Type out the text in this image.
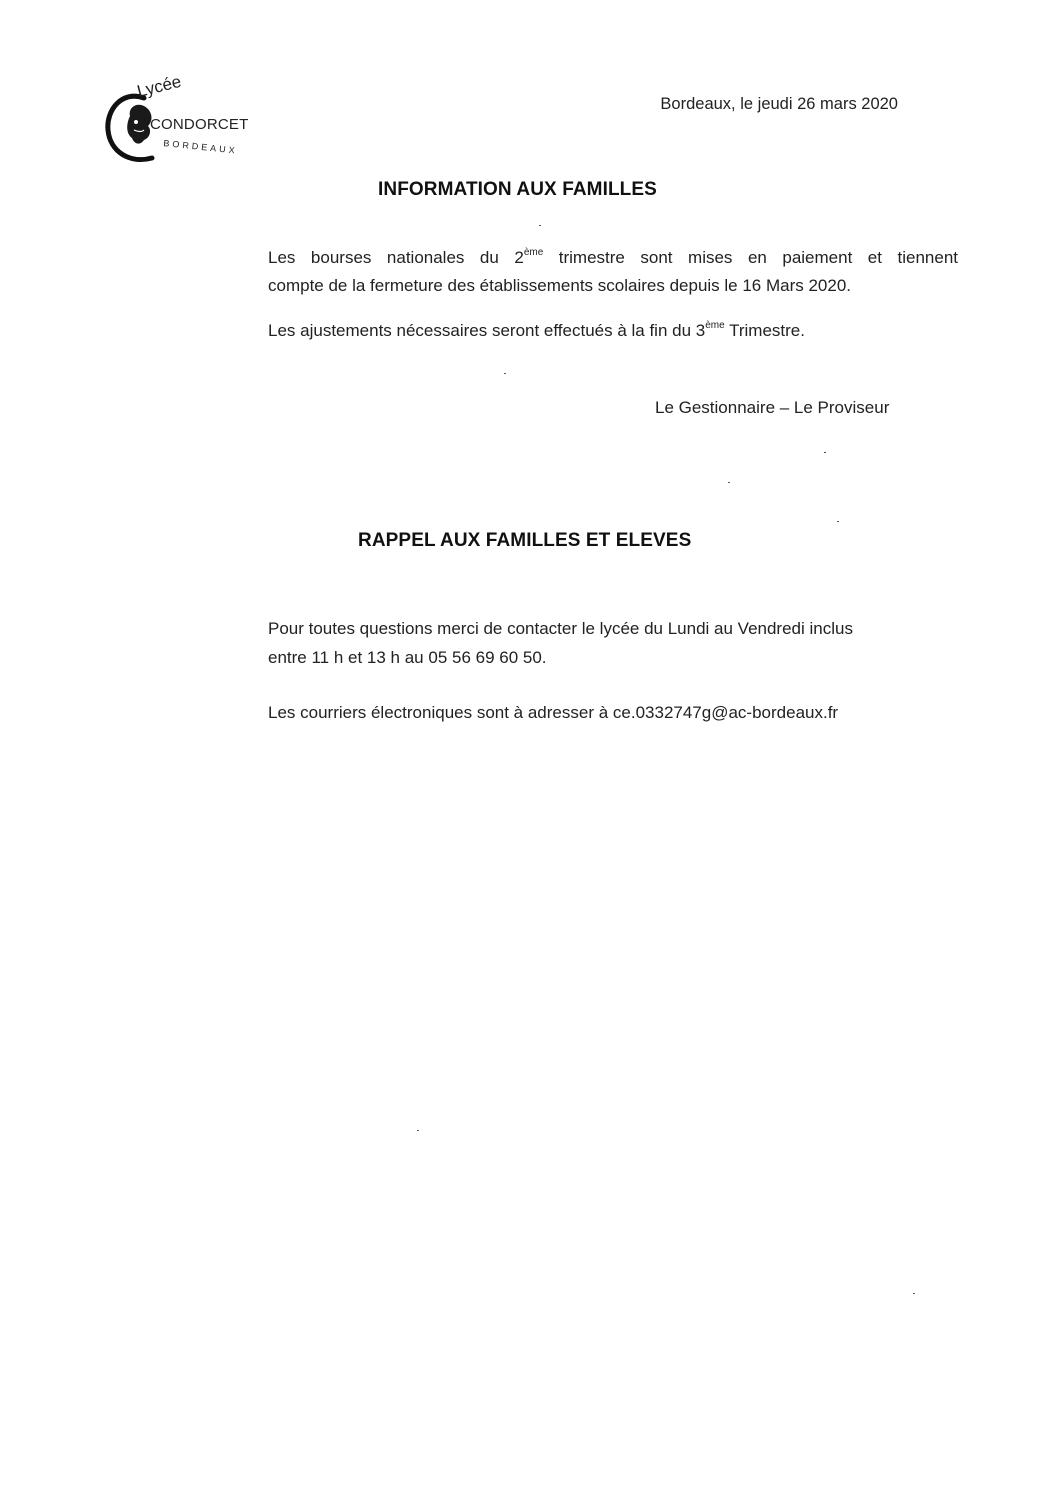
Lycée
CONDORCET
BORDEAUX
Bordeaux, le jeudi 26 mars 2020
INFORMATION AUX FAMILLES
Les bourses nationales du 2ème trimestre sont mises en paiement et tiennent
compte de la fermeture des établissements scolaires depuis le 16 Mars 2020.
Les ajustements nécessaires seront effectués à la fin du 3ème Trimestre.
Le Gestionnaire – Le Proviseur
RAPPEL AUX FAMILLES ET ELEVES
Pour toutes questions merci de contacter le lycée du Lundi au Vendredi inclus
entre 11 h et 13 h au 05 56 69 60 50.
Les courriers électroniques sont à adresser à ce.0332747g@ac-bordeaux.fr
